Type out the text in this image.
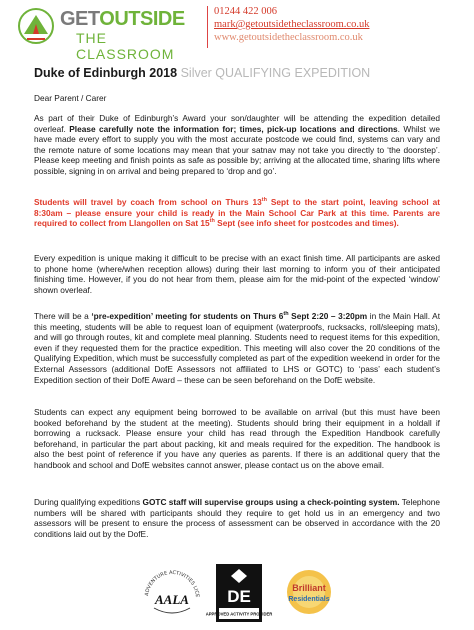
GETOUTSIDE
THE CLASSROOM
01244 422 006
mark@getoutsidetheclassroom.co.uk
www.getoutsidetheclassroom.co.uk
Duke of Edinburgh 2018 Silver QUALIFYING EXPEDITION
Dear Parent / Carer
As part of their Duke of Edinburgh’s Award your son/daughter will be attending the expedition detailed overleaf. Please carefully note the information for; times, pick-up locations and directions. Whilst we have made every effort to supply you with the most accurate postcode we could find, systems can vary and the remote nature of some locations may mean that your satnav may not take you directly to ‘the doorstep’. Please keep meeting and finish points as safe as possible by; arriving at the allocated time, sharing lifts where possible, signing in on arrival and being prepared to ‘drop and go’.
Students will travel by coach from school on Thurs 13th Sept to the start point, leaving school at 8:30am – please ensure your child is ready in the Main School Car Park at this time. Parents are required to collect from Llangollen on Sat 15th Sept (see info sheet for postcodes and times).
Every expedition is unique making it difficult to be precise with an exact finish time. All participants are asked to phone home (where/when reception allows) during their last morning to inform you of their anticipated finishing time. However, if you do not hear from them, please aim for the mid-point of the expected ‘window’ shown overleaf.
There will be a ‘pre-expedition’ meeting for students on Thurs 6th Sept 2:20 – 3:20pm in the Main Hall. At this meeting, students will be able to request loan of equipment (waterproofs, rucksacks, roll/sleeping mats), and will go through routes, kit and complete meal planning. Students need to request items for this expedition, even if they requested them for the practice expedition. This meeting will also cover the 20 conditions of the Qualifying Expedition, which must be successfully completed as part of the expedition weekend in order for the External Assessors (additional DofE Assessors not affiliated to LHS or GOTC) to ‘pass’ each student’s Expedition section of their DofE Award – these can be seen beforehand on the DofE website.
Students can expect any equipment being borrowed to be available on arrival (but this must have been booked beforehand by the student at the meeting). Students should bring their equipment in a holdall if borrowing a rucksack. Please ensure your child has read through the Expedition Handbook carefully beforehand, in particular the part about packing, kit and meals required for the expedition. The handbook is also the best point of reference if you have any queries as parents. If there is an additional query that the handbook and school and DofE websites cannot answer, please contact us on the above email.
During qualifying expeditions GOTC staff will supervise groups using a check-pointing system. Telephone numbers will be shared with participants should they require to get hold us in an emergency and two assessors will be present to ensure the process of assessment can be observed in accordance with the 20 conditions laid out by the DofE.
ADVENTURE ACTIVITIES LICE
AALA DE
APPROVED ACTIVITY PROVIDER
Brilliant
Residentials
